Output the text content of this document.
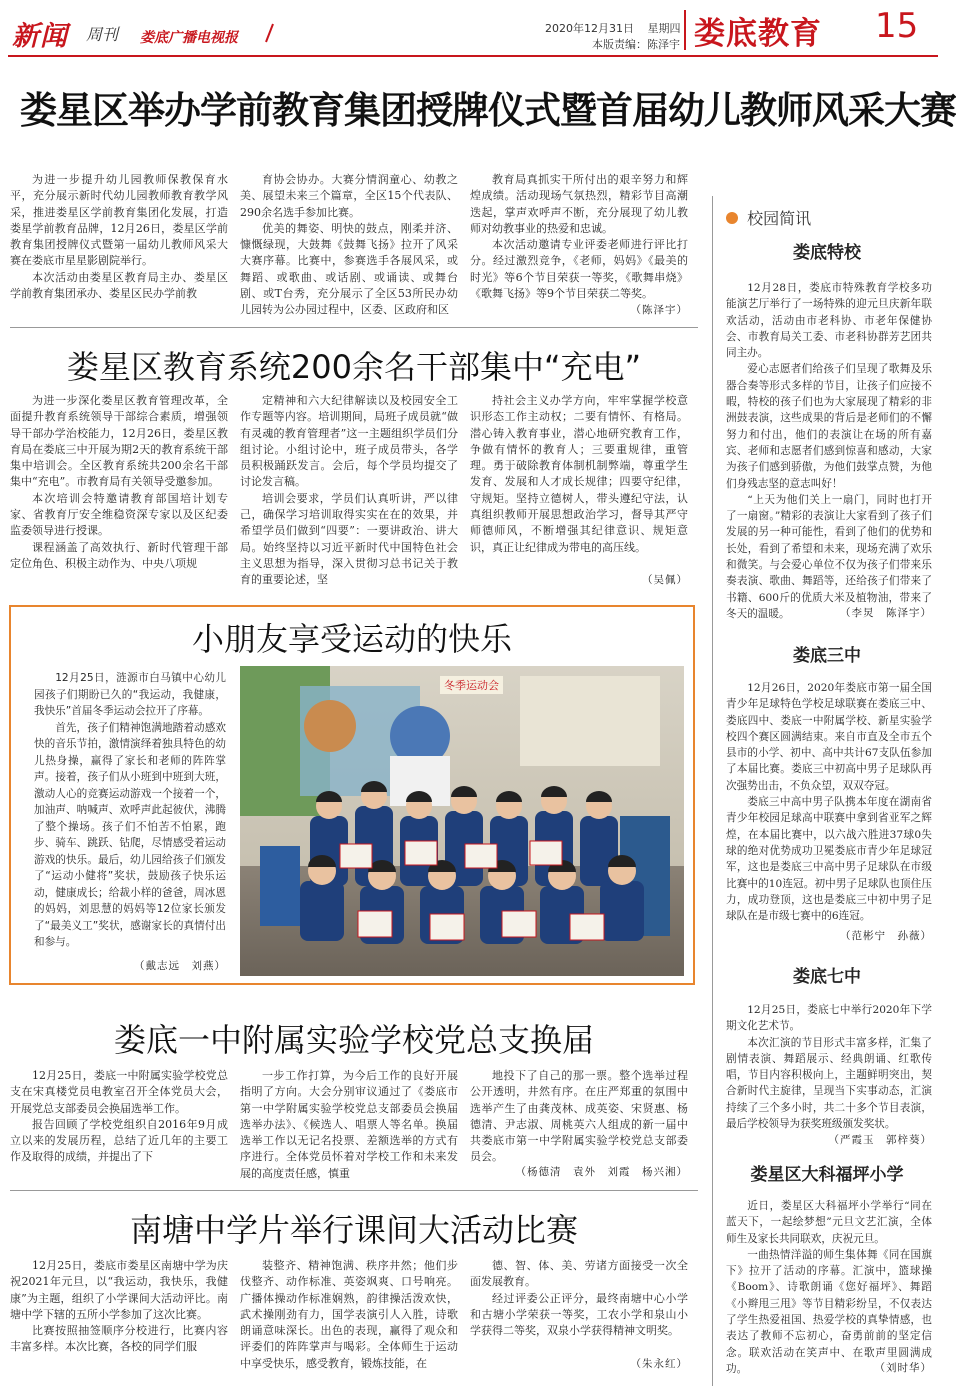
新闻 周刊 娄底广播电视报
2020年12月31日 星期四
本版责编：陈泽宇 娄底教育 15
娄星区举办学前教育集团授牌仪式暨首届幼儿教师风采大赛

为进一步提升幼儿园教师保教保育水平，充分展示新时代幼儿园教师教育教学风采，推进娄星区学前教育集团化发展，打造娄星学前教育品牌，12月26日，娄星区学前教育集团授牌仪式暨第一届幼儿教师风采大赛在娄底市星星影剧院举行。

本次活动由娄星区教育局主办、娄星区学前教育集团承办、娄星区民办学前教

育协会协办。大赛分情润童心、幼教之美、展望未来三个篇章，全区15个代表队、290余名选手参加比赛。

优美的舞姿、明快的鼓点，刚柔并济、慷慨绿现，大鼓舞《鼓舞飞扬》拉开了风采大赛序幕。比赛中，参赛选手各展风采，或舞蹈、或歌曲、或话剧、或诵读、或舞台剧、或T台秀，充分展示了全区53所民办幼儿园转为公办园过程中，区委、区政府和区

教育局真抓实干所付出的艰辛努力和辉煌成绩。活动现场气氛热烈，精彩节目高潮迭起，掌声欢呼声不断，充分展现了幼儿教师对幼教事业的热爱和忠诚。

本次活动邀请专业评委老师进行评比打分。经过激烈竞争，《老师，妈妈》《最美的时光》等6个节目荣获一等奖，《歌舞串烧》《歌舞飞扬》等9个节目荣获二等奖。

（陈泽宇）
娄星区教育系统200余名干部集中“充电”

为进一步深化娄星区教育管理改革，全面提升教育系统领导干部综合素质，增强领导干部办学治校能力，12月26日，娄星区教育局在娄底三中开展为期2天的教育系统干部集中培训会。全区教育系统共200余名干部集中“充电”。市教育局有关领导受邀参加。

本次培训会特邀请教育部国培计划专家、省教育厅安全维稳资深专家以及区纪委监委领导进行授课。

课程涵盖了高效执行、新时代管理干部定位角色、积极主动作为、中央八项规

定精神和六大纪律解读以及校园安全工作专题等内容。培训期间，局班子成员就“做有灵魂的教育管理者”这一主题组织学员们分组讨论。小组讨论中，班子成员带头，各学员积极踊跃发言。会后，每个学员均提交了讨论发言稿。

培训会要求，学员们认真听讲，严以律己，确保学习培训取得实实在在的效果，并希望学员们做到“四要”：一要讲政治、讲大局。始终坚持以习近平新时代中国特色社会主义思想为指导，深入贯彻习总书记关于教育的重要论述，坚

持社会主义办学方向，牢牢掌握学校意识形态工作主动权；二要有情怀、有格局。潜心铸入教育事业，潜心地研究教育工作，争做有情怀的教育人；三要重规律，重管理。勇于破除教育体制机制弊端，尊重学生发育、发展和人才成长规律；四要守纪律，守规矩。坚持立德树人，带头遵纪守法，认真组织教师开展思想政治学习，督导其严守师德师风，不断增强其纪律意识、规矩意识，真正让纪律成为带电的高压线。

（吴佩）
小朋友享受运动的快乐

12月25日，涟源市白马镇中心幼儿园孩子们期盼已久的“我运动，我健康，我快乐”首届冬季运动会拉开了序幕。

首先，孩子们精神饱满地踏着动感欢快的音乐节拍，激情演绎着独具特色的幼儿热身操，赢得了家长和老师的阵阵掌声。接着，孩子们从小班到中班到大班，激动人心的竞赛运动游戏一个接着一个，加油声、呐喊声、欢呼声此起彼伏，沸腾了整个操场。孩子们不怕苦不怕累，跑步、骑车、跳跃、钻爬，尽情感受着运动游戏的快乐。最后，幼儿园给孩子们颁发了“运动小健将”奖状，鼓励孩子快乐运动，健康成长；给裁小样的爸爸，周冰恩的妈妈，刘思慧的妈妈等12位家长颁发了“最美义工”奖状，感谢家长的真情付出和参与。

（戴志远　刘燕）
娄底一中附属实验学校党总支换届

12月25日，娄底一中附属实验学校党总支在宋真楼党员电教室召开全体党员大会，开展党总支部委员会换届选举工作。

报告回顾了学校党组织自2016年9月成立以来的发展历程，总结了近几年的主要工作及取得的成绩，并提出了下

一步工作打算，为今后工作的良好开展指明了方向。大会分别审议通过了《娄底市第一中学附属实验学校党总支部委员会换届选举办法》、《候选人、唱票人等名单。换届选举工作以无记名投票、差额选举的方式有序进行。全体党员怀着对学校工作和未来发展的高度责任感，慎重

地投下了自己的那一票。整个选举过程公开透明，井然有序。在庄严郑重的氛围中选举产生了由龚茂林、成英姿、宋贤惠、杨德清、尹志淑、周桃英六人组成的新一届中共娄底市第一中学附属实验学校党总支部委员会。

（杨德清　袁外　刘霞　杨兴湘）
南塘中学片举行课间大活动比赛

12月25日，娄底市娄星区南塘中学为庆祝2021年元旦，以“我运动，我快乐，我健康”为主题，组织了小学课间大活动评比。南塘中学下辖的五所小学参加了这次比赛。

比赛按照抽签顺序分校进行，比赛内容丰富多样。本次比赛，各校的同学们服

装整齐、精神饱满、秩序井然；他们步伐整齐、动作标准、英姿飒爽、口号响亮。广播体操动作标准娴熟，韵律操活泼欢快，武术操刚劲有力，国学表演引人入胜，诗歌朗诵意味深长。出色的表现，赢得了观众和评委们的阵阵掌声与喝彩。全体师生于运动中享受快乐，感受教育，锻炼技能，在

德、智、体、美、劳诸方面接受一次全面发展教育。

经过评委公正评分，最终南塘中心小学和古塘小学荣获一等奖，工农小学和泉山小学获得二等奖，双泉小学获得精神文明奖。

（朱永红）
校园简讯
娄底特校

12月28日，娄底市特殊教育学校多功能演艺厅举行了一场特殊的迎元旦庆新年联欢活动，活动由市老科协、市老年保健协会、市教育局关工委、市老科协群芳艺团共同主办。

爱心志愿者们给孩子们呈现了歌舞及乐器合奏等形式多样的节目，让孩子们应接不暇，特校的孩子们也为大家展现了精彩的非洲鼓表演，这些成果的背后是老师们的不懈努力和付出，他们的表演让在场的所有嘉宾、老师和志愿者们感到惊喜和感动，大家为孩子们感到骄傲，为他们鼓掌点赞，为他们身残志坚的意志叫好！

“上天为他们关上一扇门，同时也打开了一扇窗。”精彩的表演让大家看到了孩子们发展的另一种可能性，看到了他们的优势和长处，看到了希望和未来，现场充满了欢乐和微笑。与会爱心单位不仅为孩子们带来乐奏表演、歌曲、舞蹈等，还给孩子们带来了书籍、600斤的优质大米及植物油，带来了冬天的温暖。	（李炅　陈泽宇）
娄底三中

12月26日，2020年娄底市第一届全国青少年足球特色学校足球联赛在娄底三中、娄底四中、娄底一中附属学校、新星实验学校四个赛区圆满结束。来自市直及全市五个县市的小学、初中、高中共计67支队伍参加了本届比赛。娄底三中初高中男子足球队再次强势出击，不负众望，双双夺冠。

娄底三中高中男子队携本年度在湖南省青少年校园足球高中联赛中拿到省亚军之辉煌，在本届比赛中，以六战六胜进37球0失球的绝对优势成功卫冕娄底市青少年足球冠军，这也是娄底三中高中男子足球队在市级比赛中的10连冠。初中男子足球队也顶住压力，成功登顶，这也是娄底三中初中男子足球队在是市级七赛中的6连冠。

（范彬宁　孙薇）
娄底七中

12月25日，娄底七中举行2020年下学期文化艺术节。

本次汇演的节目形式丰富多样，汇集了剧情表演、舞蹈展示、经典朗诵、红歌传唱，节目内容积极向上，主题鲜明突出，契合新时代主旋律，呈现当下实事动态，汇演持续了三个多小时，共二十多个节目表演，最后学校领导为获奖班级颁发奖状。

（严霞玉　郭梓葵）
娄星区大科福坪小学

近日，娄星区大科福坪小学举行“同在蓝天下，一起绘梦想”元旦文艺汇演，全体师生及家长共同联欢，庆祝元旦。

一曲热情洋溢的师生集体舞《同在国旗下》拉开了活动的序幕。汇演中，篮球操《Boom》、诗歌朗诵《您好福坪》、舞蹈《小辫甩三甩》等节目精彩纷呈，不仅表达了学生热爱祖国、热爱学校的真挚情感，也表达了教师不忘初心，奋勇前前的坚定信念。联欢活动在笑声中、在歌声里圆满成功。	（刘时华）
冬季运动会
